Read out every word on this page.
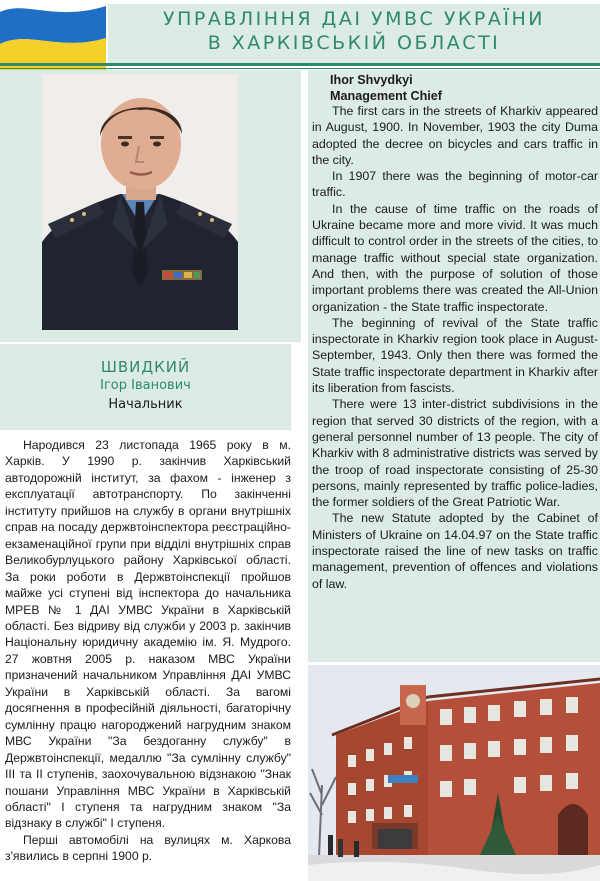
УПРАВЛІННЯ ДАІ УМВС УКРАЇНИ
В ХАРКІВСЬКІЙ ОБЛАСТІ
ШВИДКИЙ
Ігор Іванович
Начальник

Народився 23 листопада 1965 року в м. Харків. У 1990 р. закінчив Харківський автодорожній інститут, за фахом - інженер з експлуатації автотранспорту. По закінченні інституту прийшов на службу в органи внутрішніх справ на посаду держвтоінспектора реєстраційно-екзаменаційної групи при відділі внутрішніх справ Великобурлуцького району Харківської області. За роки роботи в Держвтоінспекції пройшов майже усі ступені від інспектора до начальника МРЕВ № 1 ДАІ УМВС України в Харківській області. Без відриву від служби у 2003 р. закінчив Національну юридичну академію ім. Я. Мудрого. 27 жовтня 2005 р. наказом МВС України призначений начальником Управління ДАІ УМВС України в Харківській області. За вагомі досягнення в професійній діяльності, багаторічну сумлінну працю нагороджений нагрудним знаком МВС України "За бездоганну службу" в Держвтоінспекції, медаллю "За сумлінну службу" III та II ступенів, заохочувальною відзнакою "Знак пошани Управління МВС України в Харківській області" І ступеня та нагрудним знаком "За відзнаку в службі" І ступеня.

Перші автомобілі на вулицях м. Харкова з'явились в серпні 1900 р.

Ihor Shvydkyi
Management Chief

The first cars in the streets of Kharkiv appeared in August, 1900. In November, 1903 the city Duma adopted the decree on bicycles and cars traffic in the city.

In 1907 there was the beginning of motor-car traffic.

In the cause of time traffic on the roads of Ukraine became more and more vivid. It was much difficult to control order in the streets of the cities, to manage traffic without special state organization. And then, with the purpose of solution of those important problems there was created the All-Union organization - the State traffic inspectorate.

The beginning of revival of the State traffic inspectorate in Kharkiv region took place in August-September, 1943. Only then there was formed the State traffic inspectorate department in Kharkiv after its liberation from fascists.

There were 13 inter-district subdivisions in the region that served 30 districts of the region, with a general personnel number of 13 people. The city of Kharkiv with 8 administrative districts was served by the troop of road inspectorate consisting of 25-30 persons, mainly represented by traffic police-ladies, the former soldiers of the Great Patriotic War.

The new Statute adopted by the Cabinet of Ministers of Ukraine on 14.04.97 on the State traffic inspectorate raised the line of new tasks on traffic management, prevention of offences and violations of law.
